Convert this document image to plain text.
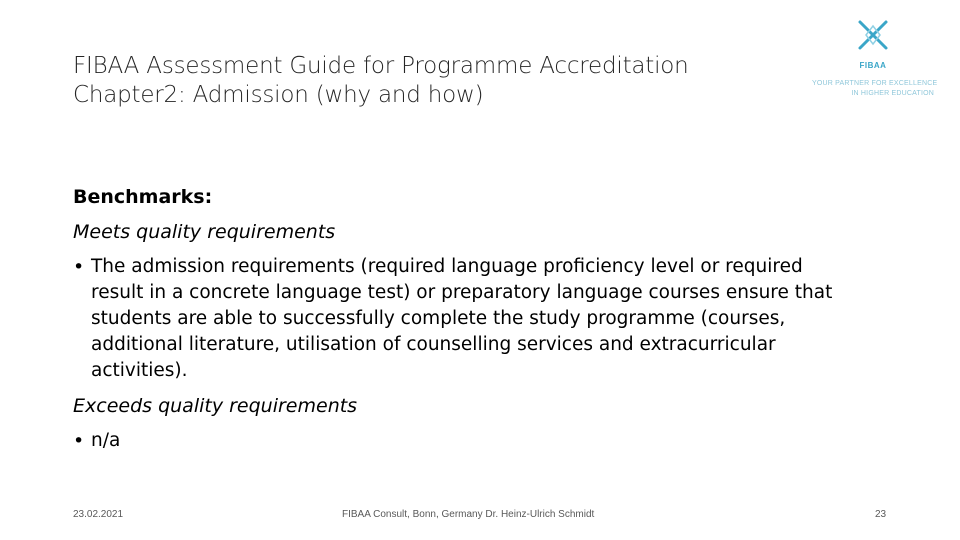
FIBAA Assessment Guide for Programme Accreditation
Chapter2: Admission (why and how)
FIBAA
YOUR PARTNER FOR EXCELLENCE
IN HIGHER EDUCATION
Benchmarks:
Meets quality requirements
• The admission requirements (required language proficiency level or required result in a concrete language test) or preparatory language courses ensure that students are able to successfully complete the study programme (courses, additional literature, utilisation of counselling services and extracurricular activities).
Exceeds quality requirements
• n/a
23.02.2021	FIBAA Consult, Bonn, Germany Dr. Heinz-Ulrich Schmidt	23
